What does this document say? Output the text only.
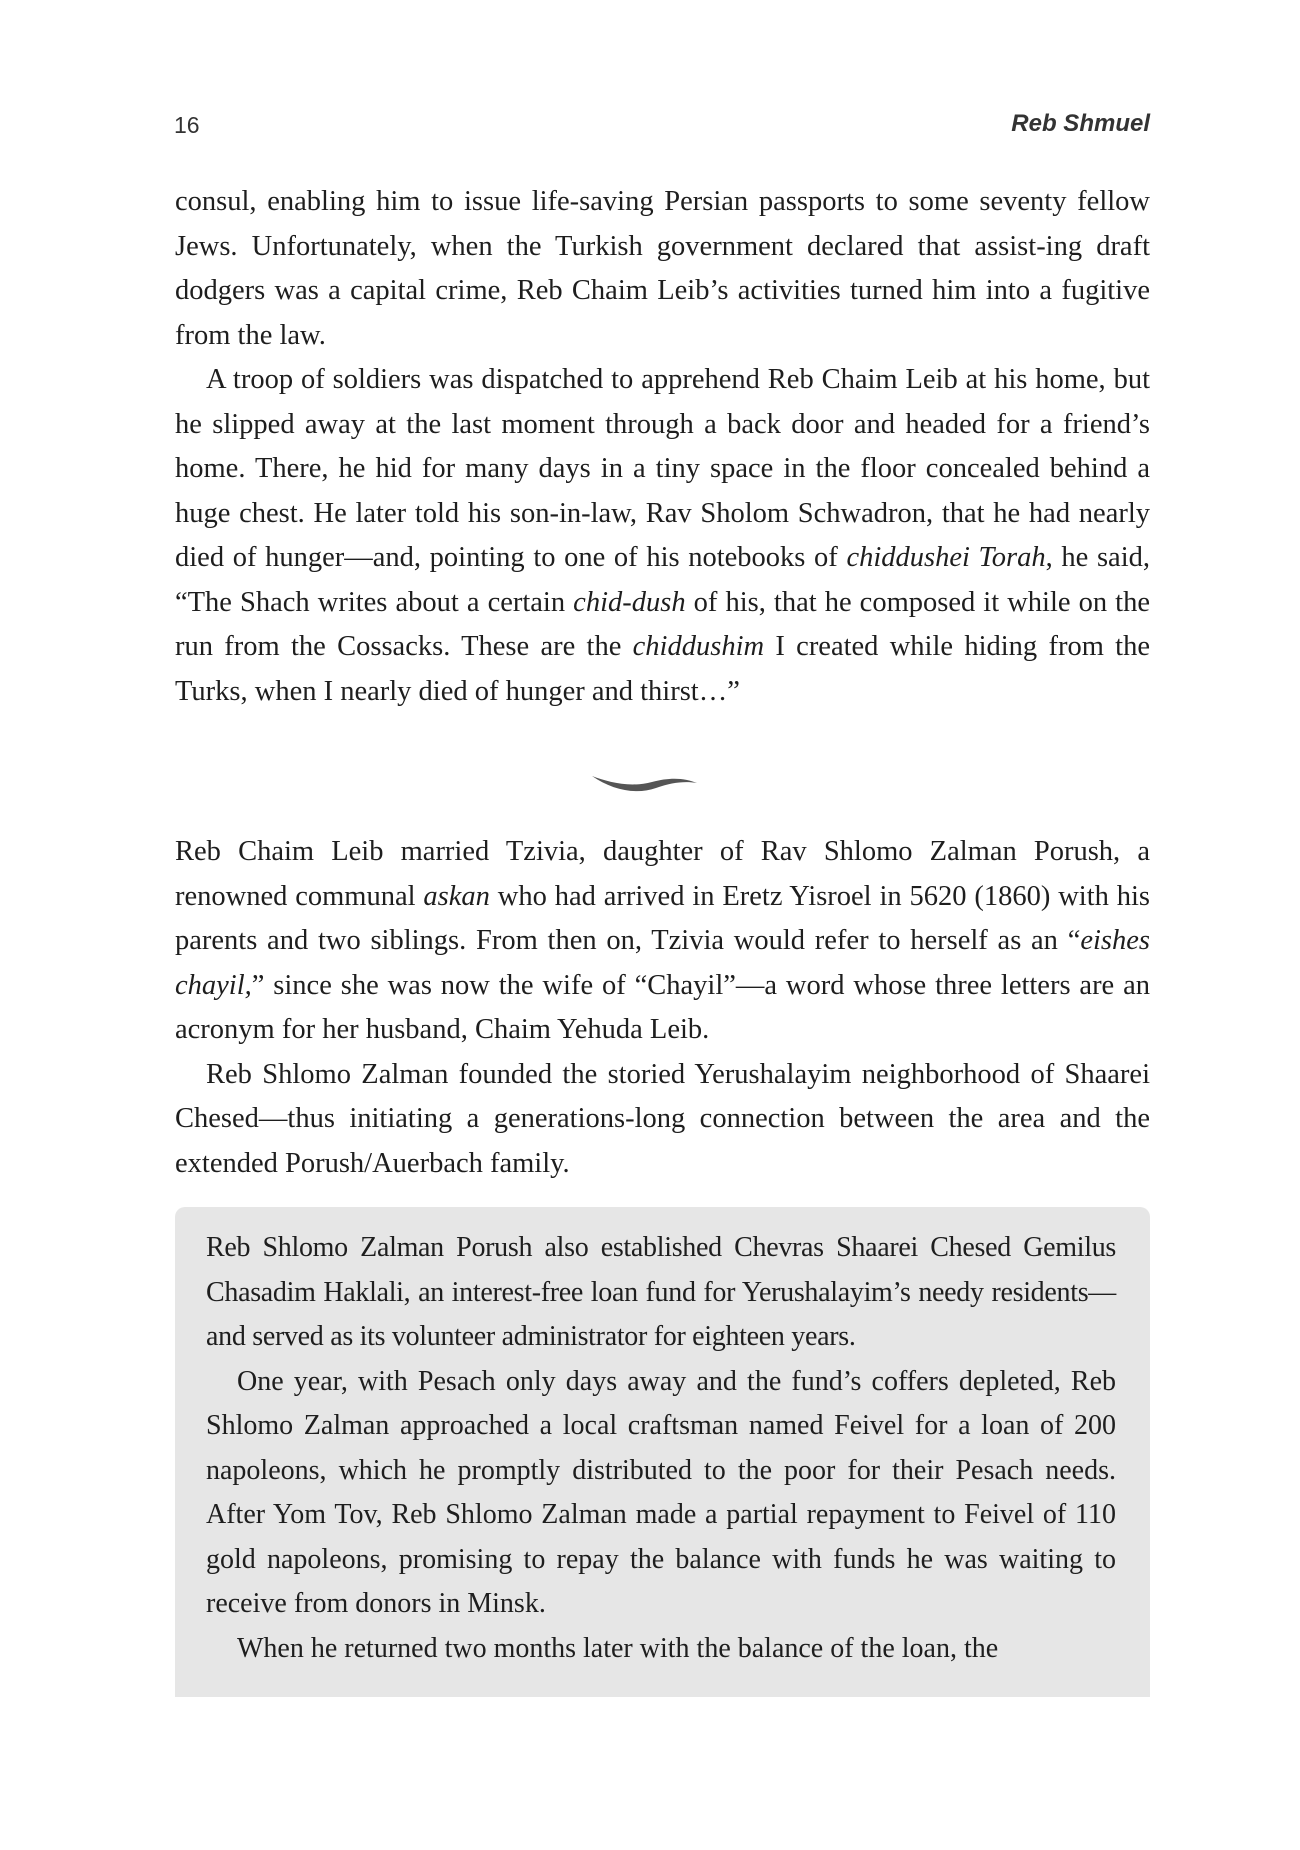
16	Reb Shmuel

consul, enabling him to issue life-saving Persian passports to some seventy fellow Jews. Unfortunately, when the Turkish government declared that assist-ing draft dodgers was a capital crime, Reb Chaim Leib’s activities turned him into a fugitive from the law.

A troop of soldiers was dispatched to apprehend Reb Chaim Leib at his home, but he slipped away at the last moment through a back door and headed for a friend’s home. There, he hid for many days in a tiny space in the floor concealed behind a huge chest. He later told his son-in-law, Rav Sholom Schwadron, that he had nearly died of hunger—and, pointing to one of his notebooks of chiddushei Torah, he said, “The Shach writes about a certain chid-dush of his, that he composed it while on the run from the Cossacks. These are the chiddushim I created while hiding from the Turks, when I nearly died of hunger and thirst…”

Reb Chaim Leib married Tzivia, daughter of Rav Shlomo Zalman Porush, a renowned communal askan who had arrived in Eretz Yisroel in 5620 (1860) with his parents and two siblings. From then on, Tzivia would refer to herself as an “eishes chayil,” since she was now the wife of “Chayil”—a word whose three letters are an acronym for her husband, Chaim Yehuda Leib.

Reb Shlomo Zalman founded the storied Yerushalayim neighborhood of Shaarei Chesed—thus initiating a generations-long connection between the area and the extended Porush/Auerbach family.

Reb Shlomo Zalman Porush also established Chevras Shaarei Chesed Gemilus Chasadim Haklali, an interest-free loan fund for Yerushalayim’s needy residents—and served as its volunteer administrator for eighteen years.

One year, with Pesach only days away and the fund’s coffers depleted, Reb Shlomo Zalman approached a local craftsman named Feivel for a loan of 200 napoleons, which he promptly distributed to the poor for their Pesach needs. After Yom Tov, Reb Shlomo Zalman made a partial repayment to Feivel of 110 gold napoleons, promising to repay the balance with funds he was waiting to receive from donors in Minsk.

When he returned two months later with the balance of the loan, the
